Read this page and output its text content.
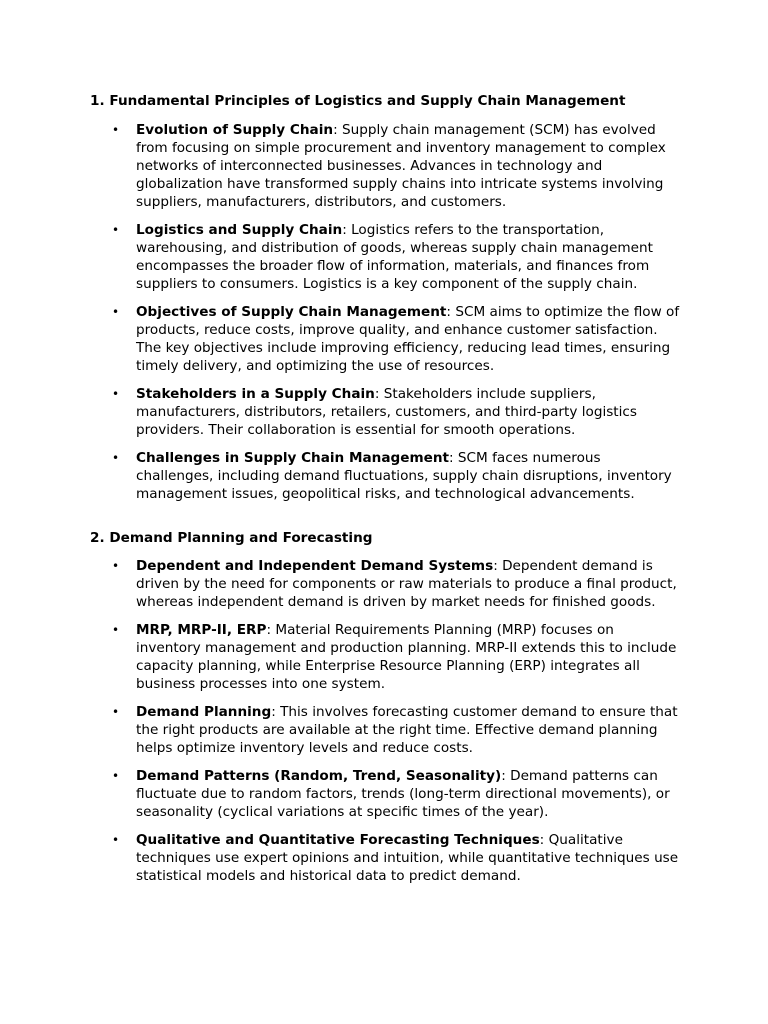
1. Fundamental Principles of Logistics and Supply Chain Management

• Evolution of Supply Chain: Supply chain management (SCM) has evolved from focusing on simple procurement and inventory management to complex networks of interconnected businesses. Advances in technology and globalization have transformed supply chains into intricate systems involving suppliers, manufacturers, distributors, and customers.
• Logistics and Supply Chain: Logistics refers to the transportation, warehousing, and distribution of goods, whereas supply chain management encompasses the broader flow of information, materials, and finances from suppliers to consumers. Logistics is a key component of the supply chain.
• Objectives of Supply Chain Management: SCM aims to optimize the flow of products, reduce costs, improve quality, and enhance customer satisfaction. The key objectives include improving efficiency, reducing lead times, ensuring timely delivery, and optimizing the use of resources.
• Stakeholders in a Supply Chain: Stakeholders include suppliers, manufacturers, distributors, retailers, customers, and third-party logistics providers. Their collaboration is essential for smooth operations.
• Challenges in Supply Chain Management: SCM faces numerous challenges, including demand fluctuations, supply chain disruptions, inventory management issues, geopolitical risks, and technological advancements.

2. Demand Planning and Forecasting

• Dependent and Independent Demand Systems: Dependent demand is driven by the need for components or raw materials to produce a final product, whereas independent demand is driven by market needs for finished goods.
• MRP, MRP-II, ERP: Material Requirements Planning (MRP) focuses on inventory management and production planning. MRP-II extends this to include capacity planning, while Enterprise Resource Planning (ERP) integrates all business processes into one system.
• Demand Planning: This involves forecasting customer demand to ensure that the right products are available at the right time. Effective demand planning helps optimize inventory levels and reduce costs.
• Demand Patterns (Random, Trend, Seasonality): Demand patterns can fluctuate due to random factors, trends (long-term directional movements), or seasonality (cyclical variations at specific times of the year).
• Qualitative and Quantitative Forecasting Techniques: Qualitative techniques use expert opinions and intuition, while quantitative techniques use statistical models and historical data to predict demand.
